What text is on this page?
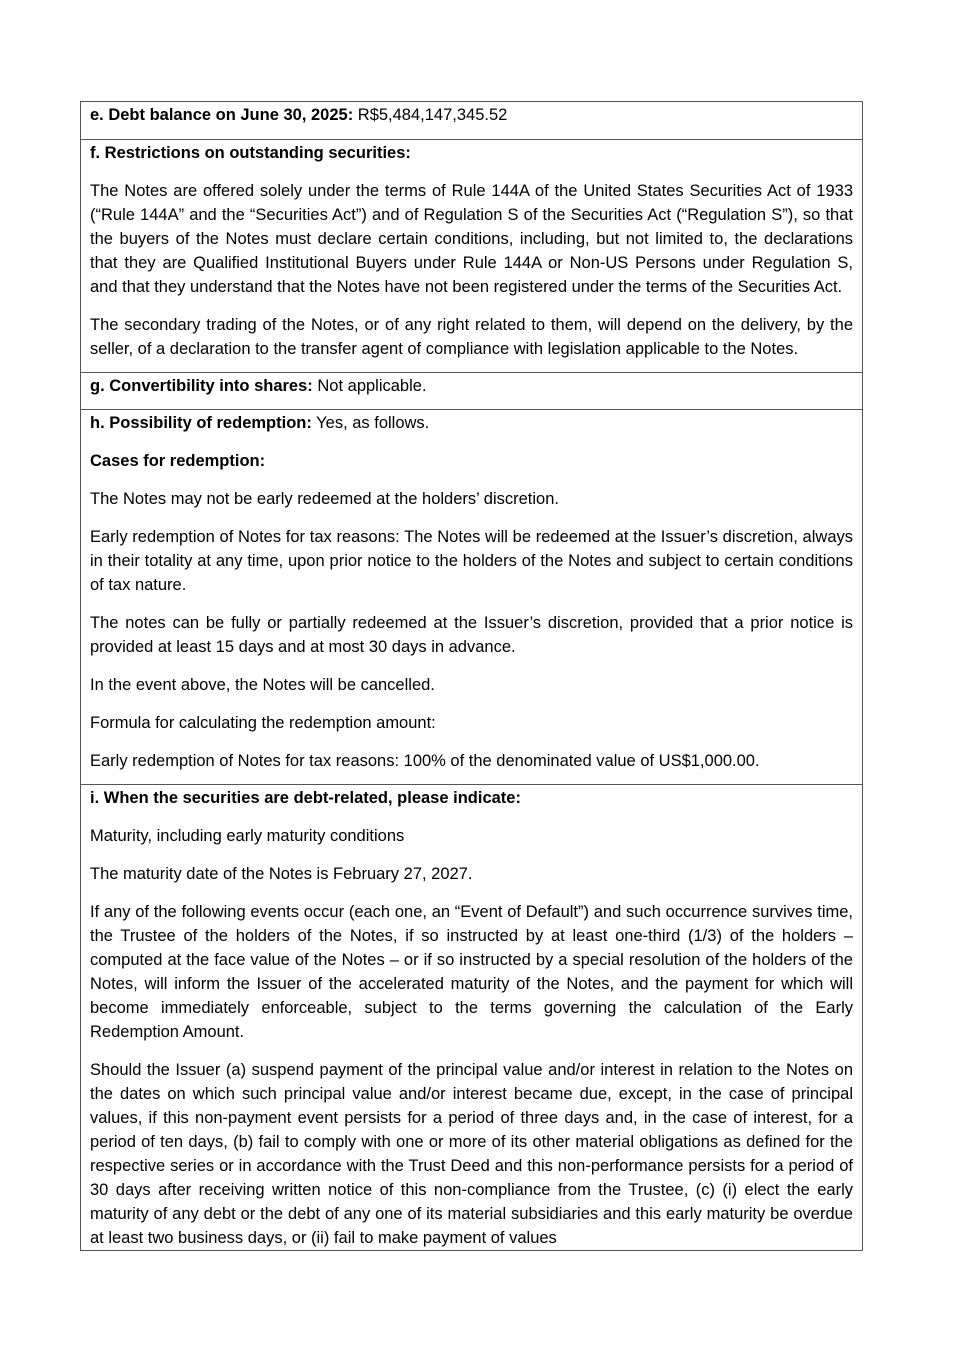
e. Debt balance on June 30, 2025: R$5,484,147,345.52

f. Restrictions on outstanding securities:

The Notes are offered solely under the terms of Rule 144A of the United States Securities Act of 1933 (“Rule 144A” and the “Securities Act”) and of Regulation S of the Securities Act (“Regulation S”), so that the buyers of the Notes must declare certain conditions, including, but not limited to, the declarations that they are Qualified Institutional Buyers under Rule 144A or Non-US Persons under Regulation S, and that they understand that the Notes have not been registered under the terms of the Securities Act.

The secondary trading of the Notes, or of any right related to them, will depend on the delivery, by the seller, of a declaration to the transfer agent of compliance with legislation applicable to the Notes.

g. Convertibility into shares: Not applicable.

h. Possibility of redemption: Yes, as follows.

Cases for redemption:

The Notes may not be early redeemed at the holders’ discretion.

Early redemption of Notes for tax reasons: The Notes will be redeemed at the Issuer’s discretion, always in their totality at any time, upon prior notice to the holders of the Notes and subject to certain conditions of tax nature.

The notes can be fully or partially redeemed at the Issuer’s discretion, provided that a prior notice is provided at least 15 days and at most 30 days in advance.

In the event above, the Notes will be cancelled.

Formula for calculating the redemption amount:

Early redemption of Notes for tax reasons: 100% of the denominated value of US$1,000.00.

i. When the securities are debt-related, please indicate:

Maturity, including early maturity conditions

The maturity date of the Notes is February 27, 2027.

If any of the following events occur (each one, an “Event of Default”) and such occurrence survives time, the Trustee of the holders of the Notes, if so instructed by at least one-third (1/3) of the holders – computed at the face value of the Notes – or if so instructed by a special resolution of the holders of the Notes, will inform the Issuer of the accelerated maturity of the Notes, and the payment for which will become immediately enforceable, subject to the terms governing the calculation of the Early Redemption Amount.

Should the Issuer (a) suspend payment of the principal value and/or interest in relation to the Notes on the dates on which such principal value and/or interest became due, except, in the case of principal values, if this non-payment event persists for a period of three days and, in the case of interest, for a period of ten days, (b) fail to comply with one or more of its other material obligations as defined for the respective series or in accordance with the Trust Deed and this non-performance persists for a period of 30 days after receiving written notice of this non-compliance from the Trustee, (c) (i) elect the early maturity of any debt or the debt of any one of its material subsidiaries and this early maturity be overdue at least two business days, or (ii) fail to make payment of values
